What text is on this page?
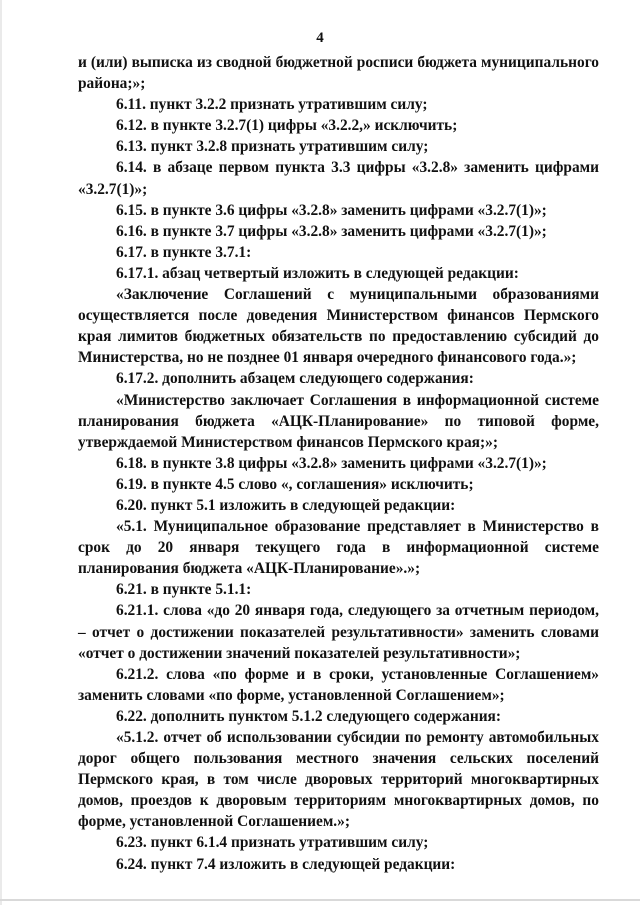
4

и (или) выписка из сводной бюджетной росписи бюджета муниципального района;»;

6.11. пункт 3.2.2 признать утратившим силу;

6.12. в пункте 3.2.7(1) цифры «3.2.2,» исключить;

6.13. пункт 3.2.8 признать утратившим силу;

6.14. в абзаце первом пункта 3.3 цифры «3.2.8» заменить цифрами «3.2.7(1)»;

6.15. в пункте 3.6 цифры «3.2.8» заменить цифрами «3.2.7(1)»;

6.16. в пункте 3.7 цифры «3.2.8» заменить цифрами «3.2.7(1)»;

6.17. в пункте 3.7.1:

6.17.1. абзац четвертый изложить в следующей редакции:

«Заключение Соглашений с муниципальными образованиями осуществляется после доведения Министерством финансов Пермского края лимитов бюджетных обязательств по предоставлению субсидий до Министерства, но не позднее 01 января очередного финансового года.»;

6.17.2. дополнить абзацем следующего содержания:

«Министерство заключает Соглашения в информационной системе планирования бюджета «АЦК-Планирование» по типовой форме, утверждаемой Министерством финансов Пермского края;»;

6.18. в пункте 3.8 цифры «3.2.8» заменить цифрами «3.2.7(1)»;

6.19. в пункте 4.5 слово «, соглашения» исключить;

6.20. пункт 5.1 изложить в следующей редакции:

«5.1. Муниципальное образование представляет в Министерство в срок до 20 января текущего года в информационной системе планирования бюджета «АЦК-Планирование».»;

6.21. в пункте 5.1.1:

6.21.1. слова «до 20 января года, следующего за отчетным периодом, – отчет о достижении показателей результативности» заменить словами «отчет о достижении значений показателей результативности»;

6.21.2. слова «по форме и в сроки, установленные Соглашением» заменить словами «по форме, установленной Соглашением»;

6.22. дополнить пунктом 5.1.2 следующего содержания:

«5.1.2. отчет об использовании субсидии по ремонту автомобильных дорог общего пользования местного значения сельских поселений Пермского края, в том числе дворовых территорий многоквартирных домов, проездов к дворовым территориям многоквартирных домов, по форме, установленной Соглашением.»;

6.23. пункт 6.1.4 признать утратившим силу;

6.24. пункт 7.4 изложить в следующей редакции:
